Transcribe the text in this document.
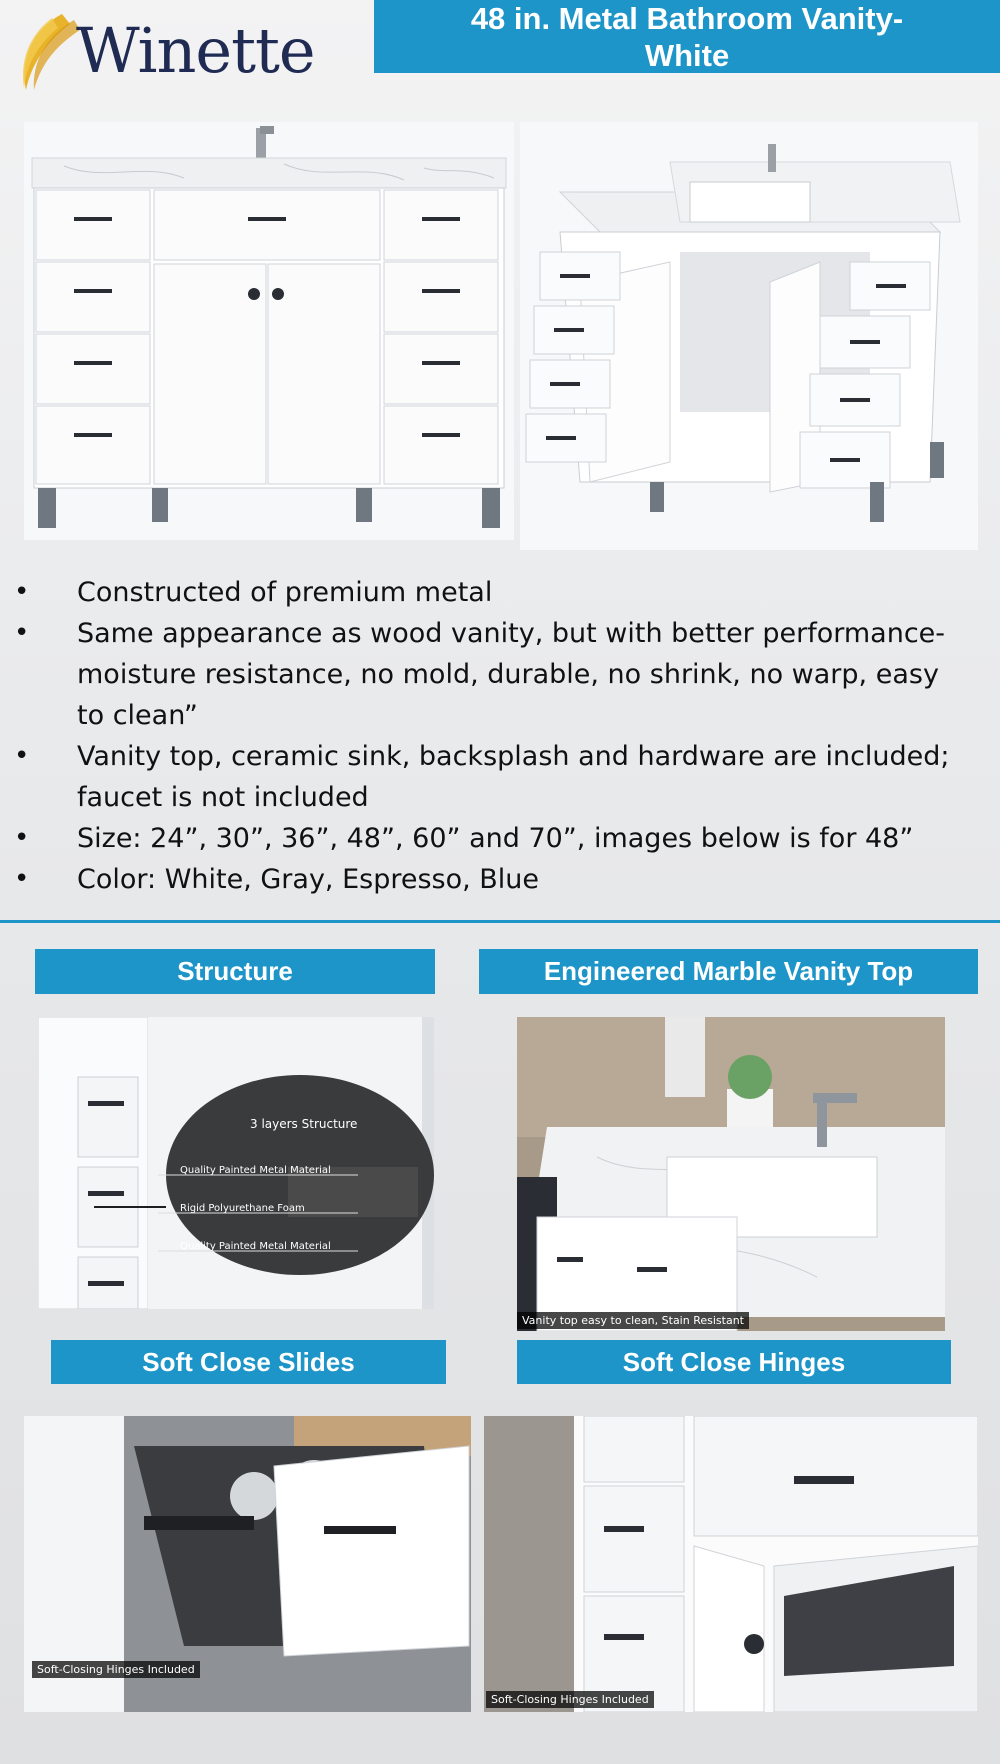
Winette	48 in. Metal Bathroom Vanity-
White
• Constructed of premium metal
• Same appearance as wood vanity, but with better performance-moisture resistance, no mold, durable, no shrink, no warp, easy to clean”
• Vanity top, ceramic sink, backsplash and hardware are included; faucet is not included
• Size: 24”, 30”, 36”, 48”, 60” and 70”, images below is for 48”
• Color: White, Gray, Espresso, Blue
Structure
3 layers Structure
Quality Painted Metal Material
Rigid Polyurethane Foam
Quality Painted Metal Material
Engineered Marble Vanity Top
Vanity top easy to clean, Stain Resistant
Soft Close Slides
Soft-Closing Hinges Included
Soft Close Hinges
Soft-Closing Hinges Included
